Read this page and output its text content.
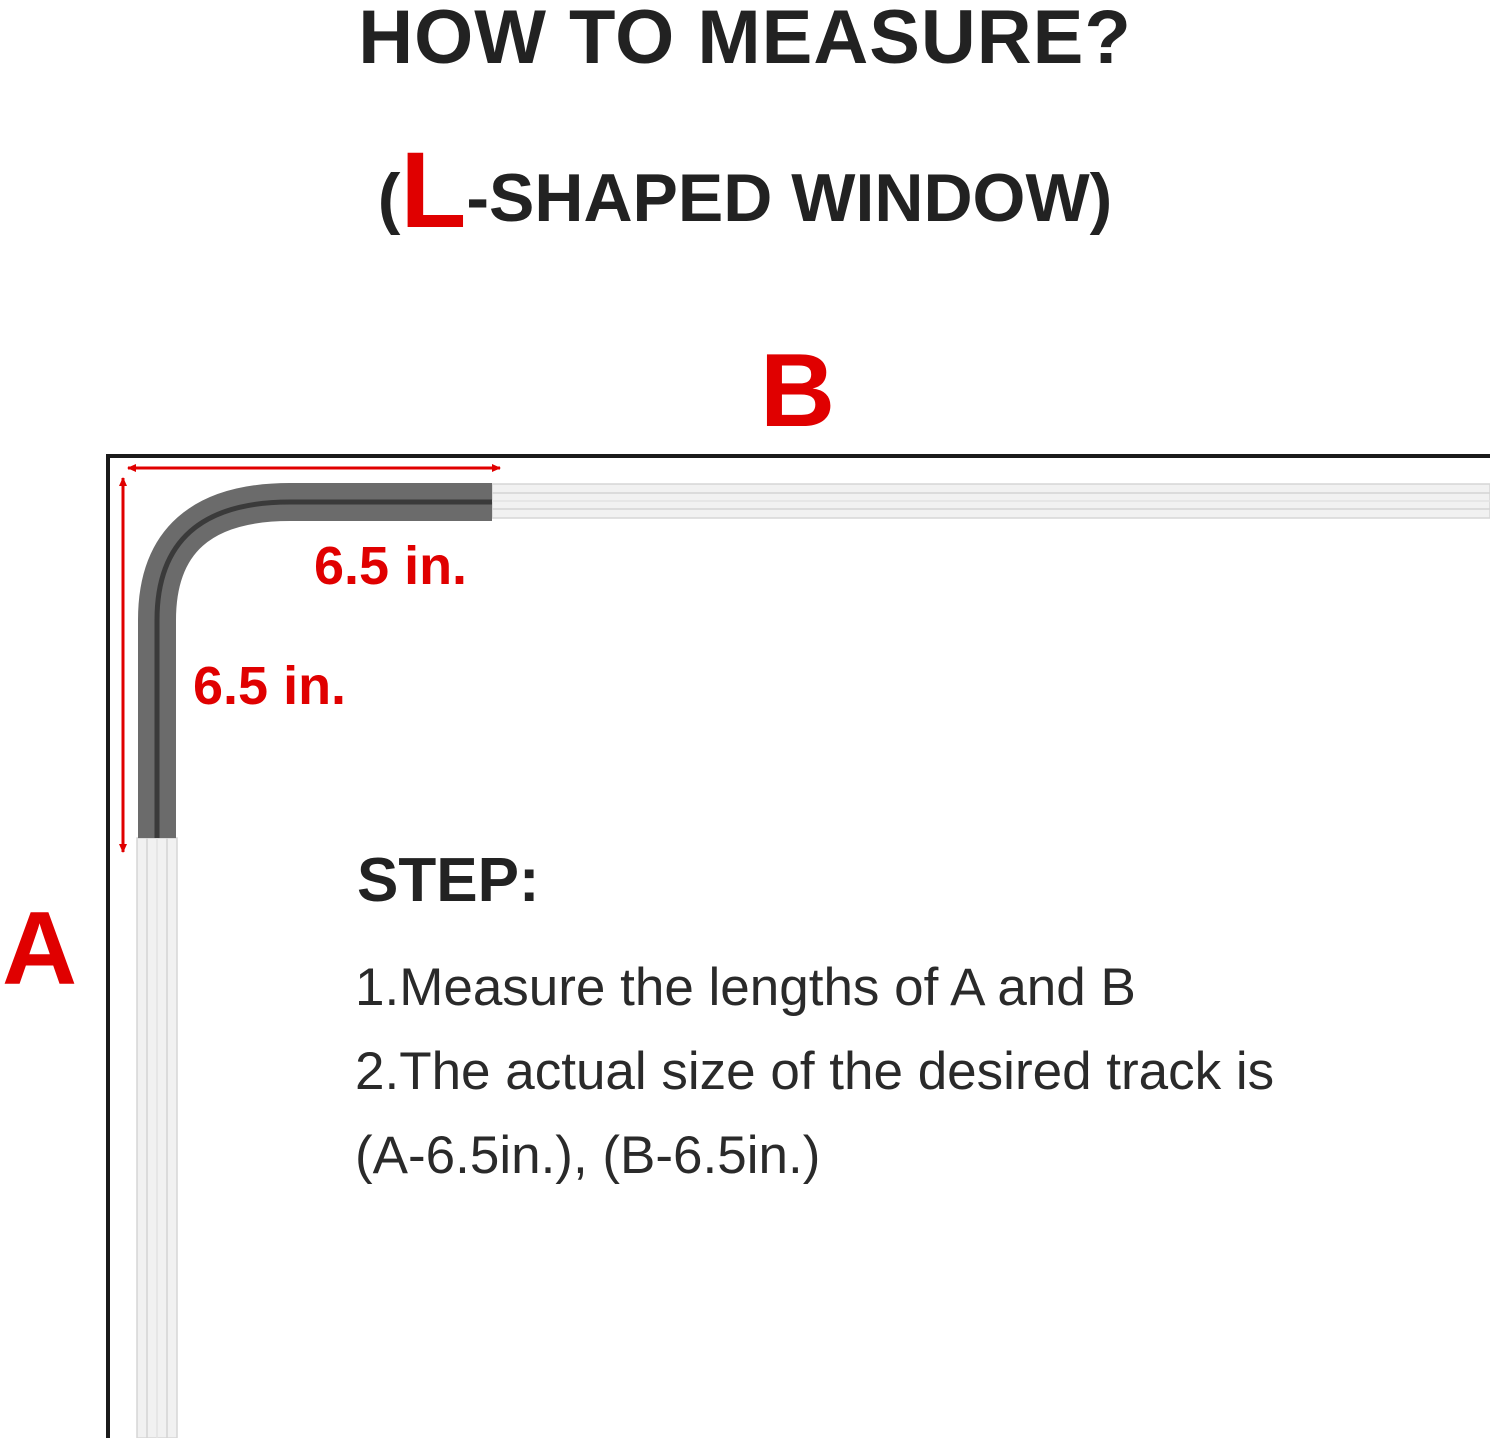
HOW TO MEASURE?

(L-SHAPED WINDOW)

B
A
6.5 in.
6.5 in.
STEP:
1.Measure the lengths of A and B
2.The actual size of the desired track is
(A-6.5in.), (B-6.5in.)
